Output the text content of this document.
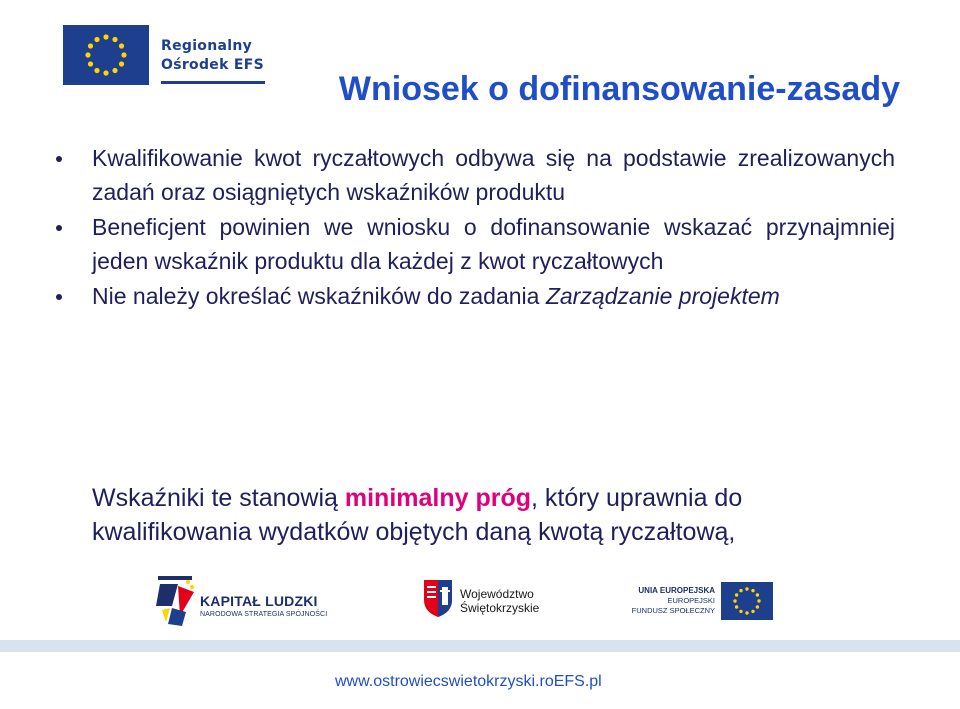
Regionalny
Ośrodek EFS
Wniosek o dofinansowanie-zasady
Kwalifikowanie kwot ryczałtowych odbywa się na podstawie zrealizowanych zadań oraz osiągniętych wskaźników produktu
Beneficjent powinien we wniosku o dofinansowanie wskazać przynajmniej jeden wskaźnik produktu dla każdej z kwot ryczałtowych
Nie należy określać wskaźników do zadania Zarządzanie projektem

Wskaźniki te stanowią minimalny próg, który uprawnia do kwalifikowania wydatków objętych daną kwotą ryczałtową,

KAPITAŁ LUDZKI
NARODOWA STRATEGIA SPÓJNOŚCI
Województwo
Świętokrzyskie
UNIA EUROPEJSKA
EUROPEJSKI
FUNDUSZ SPOŁECZNY
www.ostrowiecswietokrzyski.roEFS.pl
